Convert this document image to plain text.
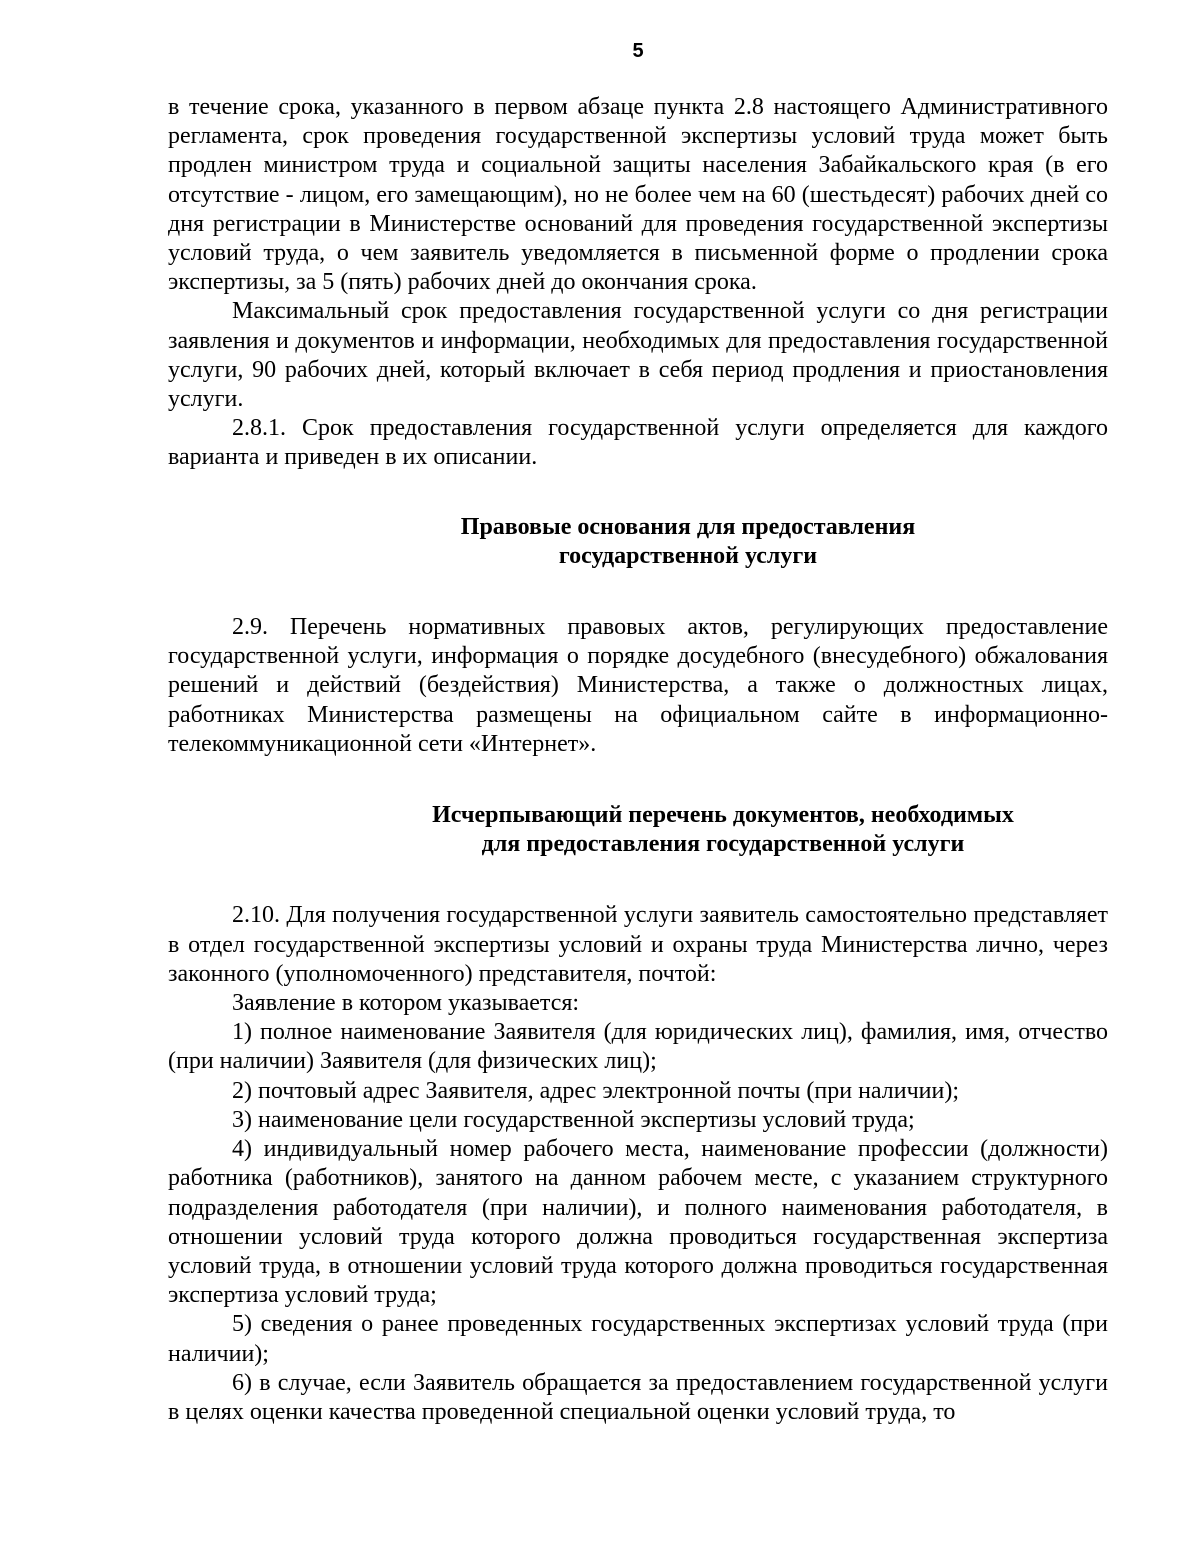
5

в течение срока, указанного в первом абзаце пункта 2.8 настоящего Административного регламента, срок проведения государственной экспертизы условий труда может быть продлен министром труда и социальной защиты населения Забайкальского края (в его отсутствие - лицом, его замещающим), но не более чем на 60 (шестьдесят) рабочих дней со дня регистрации в Министерстве оснований для проведения государственной экспертизы условий труда, о чем заявитель уведомляется в письменной форме о продлении срока экспертизы, за 5 (пять) рабочих дней до окончания срока.

Максимальный срок предоставления государственной услуги со дня регистрации заявления и документов и информации, необходимых для предоставления государственной услуги, 90 рабочих дней, который включает в себя период продления и приостановления услуги.

2.8.1. Срок предоставления государственной услуги определяется для каждого варианта и приведен в их описании.

Правовые основания для предоставления
государственной услуги

2.9. Перечень нормативных правовых актов, регулирующих предоставление государственной услуги, информация о порядке досудебного (внесудебного) обжалования решений и действий (бездействия) Министерства, а также о должностных лицах, работниках Министерства размещены на официальном сайте в информационно-телекоммуникационной сети «Интернет».

Исчерпывающий перечень документов, необходимых
для предоставления государственной услуги

2.10. Для получения государственной услуги заявитель самостоятельно представляет в отдел государственной экспертизы условий и охраны труда Министерства лично, через законного (уполномоченного) представителя, почтой:

Заявление в котором указывается:

1) полное наименование Заявителя (для юридических лиц), фамилия, имя, отчество (при наличии) Заявителя (для физических лиц);

2) почтовый адрес Заявителя, адрес электронной почты (при наличии);

3) наименование цели государственной экспертизы условий труда;

4) индивидуальный номер рабочего места, наименование профессии (должности) работника (работников), занятого на данном рабочем месте, с указанием структурного подразделения работодателя (при наличии), и полного наименования работодателя, в отношении условий труда которого должна проводиться государственная экспертиза условий труда, в отношении условий труда которого должна проводиться государственная экспертиза условий труда;

5) сведения о ранее проведенных государственных экспертизах условий труда (при наличии);

6) в случае, если Заявитель обращается за предоставлением государственной услуги в целях оценки качества проведенной специальной оценки условий труда, то
